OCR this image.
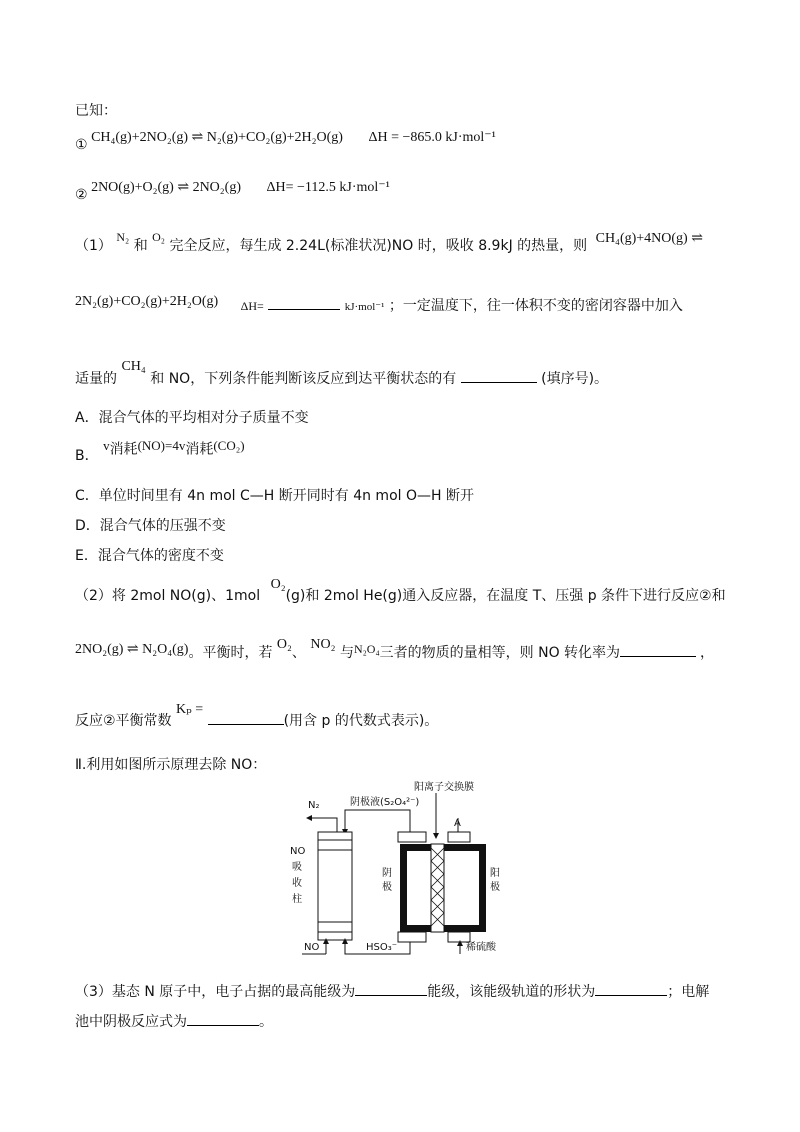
已知：
① CH₄(g)+2NO₂(g) ⇌ N₂(g)+CO₂(g)+2H₂O(g) ΔH = −865.0 kJ·mol⁻¹
② 2NO(g)+O₂(g) ⇌ 2NO₂(g) ΔH= −112.5 kJ·mol⁻¹
（1） N₂ 和 O₂ 完全反应，每生成 2.24L(标准状况)NO 时，吸收 8.9kJ 的热量，则 CH₄(g)+4NO(g) ⇌
2N₂(g)+CO₂(g)+2H₂O(g) ΔH=	kJ·mol⁻¹ ；一定温度下，往一体积不变的密闭容器中加入
适量的 CH₄ 和 NO，下列条件能判断该反应到达平衡状态的有	(填序号)。
A．混合气体的平均相对分子质量不变
B． $v_{消耗}(NO)=4v_{消耗}(CO_2)$
C．单位时间里有 4n mol C—H 断开同时有 4n mol O—H 断开
D．混合气体的压强不变
E．混合气体的密度不变
（2）将 2mol NO(g)、1mol O₂(g)和 2mol He(g)通入反应器，在温度 T、压强 p 条件下进行反应②和
2NO₂(g) ⇌ N₂O₄(g)。平衡时，若 O₂、 NO₂ 与N₂O₄三者的物质的量相等，则 NO 转化率为	，
反应②平衡常数 Kₚ = (用含 p 的代数式表示)。
Ⅱ.利用如图所示原理去除 NO：
阳离子交换膜
N₂	阴极液(S₂O₄²⁻)
NO
吸
收
柱
NO	HSO₃⁻
阴
极
阳
极
A
稀硫酸
（3）基态 N 原子中，电子占据的最高能级为	能级，该能级轨道的形状为	；电解
池中阴极反应式为	。
